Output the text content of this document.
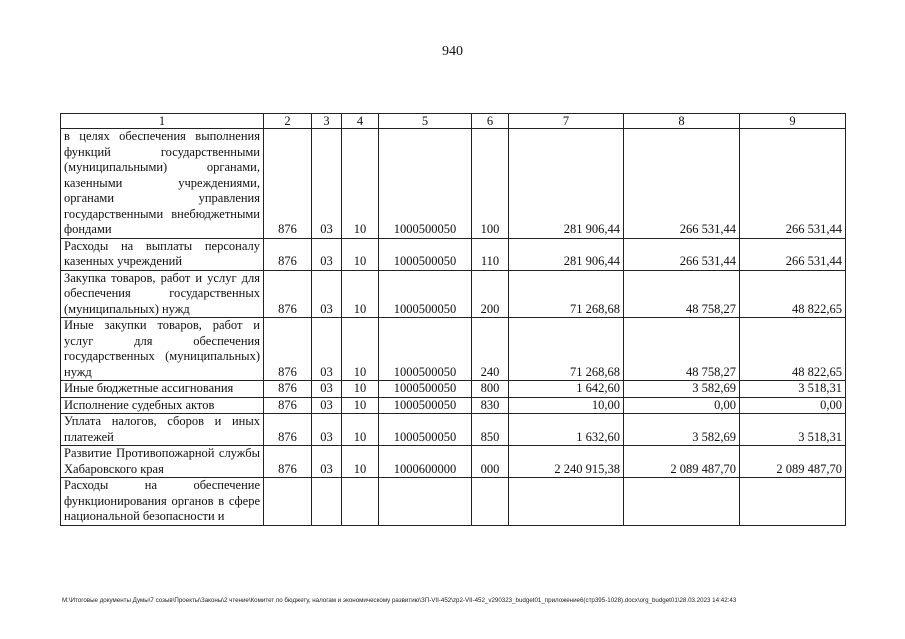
940
1	2	3	4	5	6	7	8	9
в целях обеспечения выполнения функций государственными (муниципальными) органами, казенными учреждениями, органами управления государственными внебюджетными фондами	876	03	10	1000500050	100	281 906,44	266 531,44	266 531,44
Расходы на выплаты персоналу казенных учреждений	876	03	10	1000500050	110	281 906,44	266 531,44	266 531,44
Закупка товаров, работ и услуг для обеспечения государственных (муниципальных) нужд	876	03	10	1000500050	200	71 268,68	48 758,27	48 822,65
Иные закупки товаров, работ и услуг для обеспечения государственных (муниципальных) нужд	876	03	10	1000500050	240	71 268,68	48 758,27	48 822,65
Иные бюджетные ассигнования	876	03	10	1000500050	800	1 642,60	3 582,69	3 518,31
Исполнение судебных актов	876	03	10	1000500050	830	10,00	0,00	0,00
Уплата налогов, сборов и иных платежей	876	03	10	1000500050	850	1 632,60	3 582,69	3 518,31
Развитие Противопожарной службы Хабаровского края	876	03	10	1000600000	000	2 240 915,38	2 089 487,70	2 089 487,70
Расходы на обеспечение функционирования органов в сфере национальной безопасности и								
M:\Итоговые документы Думы\7 созыв\Проекты\Законы\2 чтение\Комитет по бюджету, налогам и экономическому развитию\ЗП-VII-452\zp2-VII-452_v290323_budget01_приложение6(стр395-1028).docx\org_budget01\28.03.2023 14:42:43
